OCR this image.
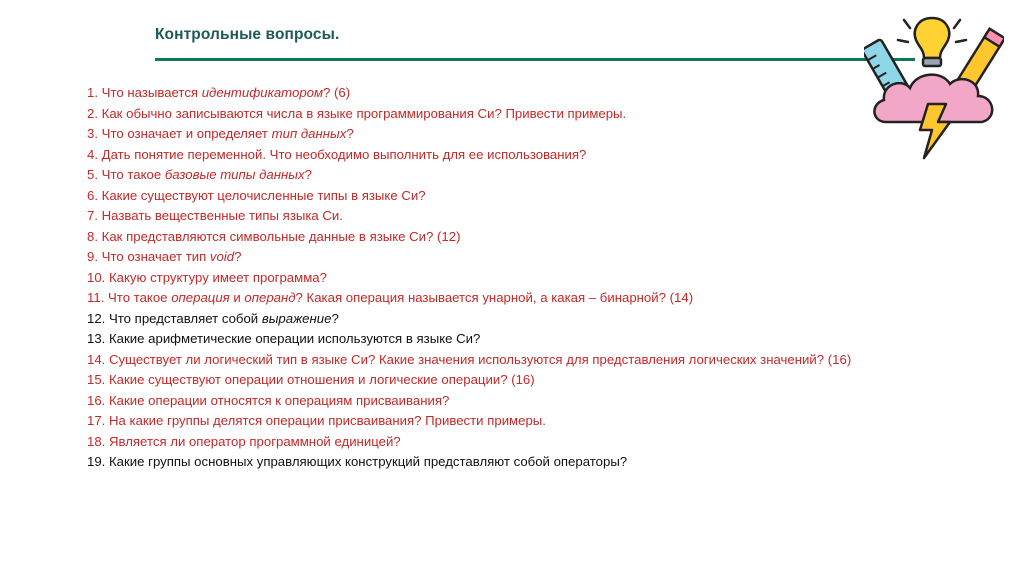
Контрольные вопросы.

1. Что называется идентификатором? (6)

2. Как обычно записываются числа в языке программирования Си? Привести примеры.

3. Что означает и определяет тип данных?

4. Дать понятие переменной. Что необходимо выполнить для ее использования?

5. Что такое базовые типы данных?

6. Какие существуют целочисленные типы в языке Си?

7. Назвать вещественные типы языка Си.

8. Как представляются символьные данные в языке Си? (12)

9. Что означает тип void?

10. Какую структуру имеет программа?

11. Что такое операция и операнд? Какая операция называется унарной, а какая – бинарной? (14)

12. Что представляет собой выражение?

13. Какие арифметические операции используются в языке Си?

14. Существует ли логический тип в языке Си? Какие значения используются для представления логических значений? (16)

15. Какие существуют операции отношения и логические операции? (16)

16. Какие операции относятся к операциям присваивания?

17. На какие группы делятся операции присваивания? Привести примеры.

18. Является ли оператор программной единицей?

19. Какие группы основных управляющих конструкций представляют собой операторы?
